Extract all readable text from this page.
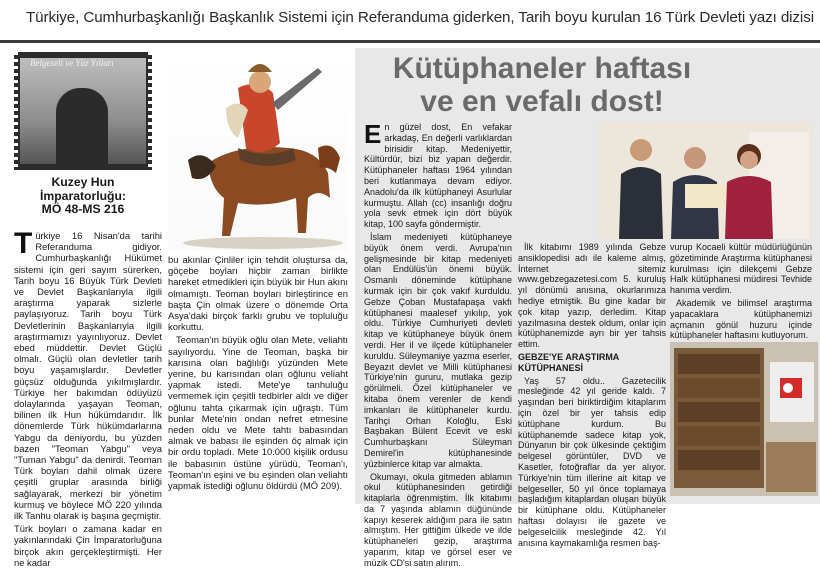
Türkiye, Cumhurbaşkanlığı Başkanlık Sistemi için Referanduma giderken, Tarih boyu kurulan 16 Türk Devleti yazı dizisi
Belgeseli ve Yüz Yılları
Kuzey Hun
İmparatorluğu:
MÖ 48-MS 216

Türkiye 16 Nisan'da tarihi Referanduma gidiyor. Cumhurbaşkanlığı Hükümet sistemi için geri sayım sürerken, Tarih boyu 16 Büyük Türk Devleti ve Devlet Başkanlarıyla ilgili araştırma yaparak sizlerle paylaşıyoruz. Tarih boyu Türk Devletlerinin Başkanlarıyla ilgili araştırmamızı yayınlıyoruz. Devlet ebed müddettir. Devlet Güçlü olmalı. Güçlü olan devletler tarih boyu yaşamışlardır. Devletler güçsüz olduğunda yıkılmışlardır. Türkiye her bakımdan ödüyüzü dolaylarında yaşayan Teoman, bilinen ilk Hun hükümdarıdır. İlk dönemlerde Türk hükümdarlarına Yabgu da deniyordu, bu yüzden bazen "Teoman Yabgu" veya "Tuman Yabgu" da denirdi. Teoman Türk boyları dahil olmak üzere çeşitli gruplar arasında birliği sağlayarak, merkezi bir yönetim kurmuş ve böylece MÖ 220 yılında ilk Tanhu olarak iş başına geçmiştir.

Türk boyları o zamana kadar en yakınlarındaki Çin İmparatorluğuna birçok akın gerçekleştirmişti. Her ne kadar

bu akınlar Çinliler için tehdit oluştursa da, göçebe boyları hiçbir zaman birlikte hareket etmedikleri için büyük bir Hun akını olmamıştı. Teoman boyları birleştirince en başta Çin olmak üzere o dönemde Orta Asya'daki birçok farklı grubu ve topluluğu korkuttu.

Teoman'ın büyük oğlu olan Mete, veliahtı sayılıyordu. Yine de Teoman, başka bir karısına olan bağlılığı yüzünden Mete yerine, bu karısından olan oğlunu veliaht yapmak istedi. Mete'ye tanhuluğu vermemek için çeşitli tedbirler aldı ve diğer oğlunu tahta çıkarmak için uğraştı. Tüm bunlar Mete'nin ondan nefret etmesine neden oldu ve Mete tahtı babasından almak ve babası ile eşinden öç almak için bir ordu topladı. Mete 10.000 kişilik ordusu ile babasının üstüne yürüdü, Teoman'ı, Teoman'ın eşini ve bu eşinden olan veliahtı yapmak istediği oğlunu öldürdü (MÖ 209).

Kütüphaneler haftası
ve en vefalı dost!

En güzel dost, En vefakar arkadaş, En değerli varlıklardan birisidir kitap. Medeniyettir, Kültürdür, bizi biz yapan değerdir. Kütüphaneler haftası 1964 yılından beri kutlanmaya devam ediyor. Anadolu'da ilk kütüphaneyi Asurlular kurmuştu. Allah (cc) insanlığı doğru yola sevk etmek için dört büyük kitap, 100 sayfa göndermiştir.

İslam medeniyeti kütüphaneye büyük önem verdi. Avrupa'nın gelişmesinde bir kitap medeniyeti olan Endülüs'ün önemi büyük. Osmanlı döneminde kütüphane kurmak için bir çok vakıf kurduldu. Gebze Çoban Mustafapaşa vakfı kütüphanesi maalesef yıkılıp, yok oldu. Türkiye Cumhuriyeti devleti kitap ve kütüphaneye büyük önem verdi. Her il ve ilçede kütüphaneler kuruldu. Süleymaniye yazma eserler, Beyazıt devlet ve Milli kütüphanesi Türkiye'nin gururu, mutlaka gezip görülmeli. Özel kütüphaneler ve kitaba önem verenler de kendi imkanları ile kütüphaneler kurdu. Tarihçi Orhan Koloğlu, Eski Başbakan Bülent Ecevit ve eski Cumhurbaşkanı Süleyman Demirel'in kütüphanesinde yüzbinlerce kitap var almakta.

Okumayı, okula gitmeden ablamın okul kütüphanesinden getirdiği kitaplarla öğrenmiştim. İlk kitabımı da 7 yaşında ablamın düğününde kapıyı keserek aldığım para ile satın almıştım. Her gittiğim ülkede ve ilde kütüphaneleri gezip, araştırma yaparım, kitap ve görsel eser ve müzik CD'si satın alırım.

İlk kitabımı 1989 yılında Gebze ansiklopedisi adı ile kaleme almış, İnternet sitemiz www.gebzegazetesi.com 5. kuruluş yıl dönümü anısına, okurlarımıza hediye etmiştik. Bu gine kadar bir çok kitap yazıp, derledim. Kitap yazılmasına destek oldum, onlar için kütüphanemizde ayrı bir yer tahsis ettim.

GEBZE'YE ARAŞTIRMA

KÜTÜPHANESİ

Yaş 57 oldu.. Gazetecilik mesleğinde 42 yıl geride kaldı. 7 yaşından beri biriktirdiğim kitaplarım için özel bir yer tahsis edip kütüphane kurdum. Bu kütüphanemde sadece kitap yok, Dünyanın bir çok ülkesinde çektiğim belgesel görüntüler, DVD ve Kasetler, fotoğraflar da yer alıyor. Türkiye'nin tüm illerine ait kitap ve belgeseller, 50 yıl önce toplamaya başladığım kitaplardan oluşan büyük bir kütüphane oldu. Kütüphaneler haftası dolayısı ile gazete ve belgeselcilik mesleğinde 42. Yıl anısına kaymakamlığa resmen baş-

vurup Kocaeli kültür müdürlüğünün gözetiminde Araştırma kütüphanesi kurulması için dilekçemi Gebze Halk kütüphanesi müdiresi Tevhide hanıma verdim.

Akademik ve bilimsel araştırma yapacaklara kütüphanemizi açmanın gönül huzuru içinde kütüphaneler haftasını kutluyorum.
